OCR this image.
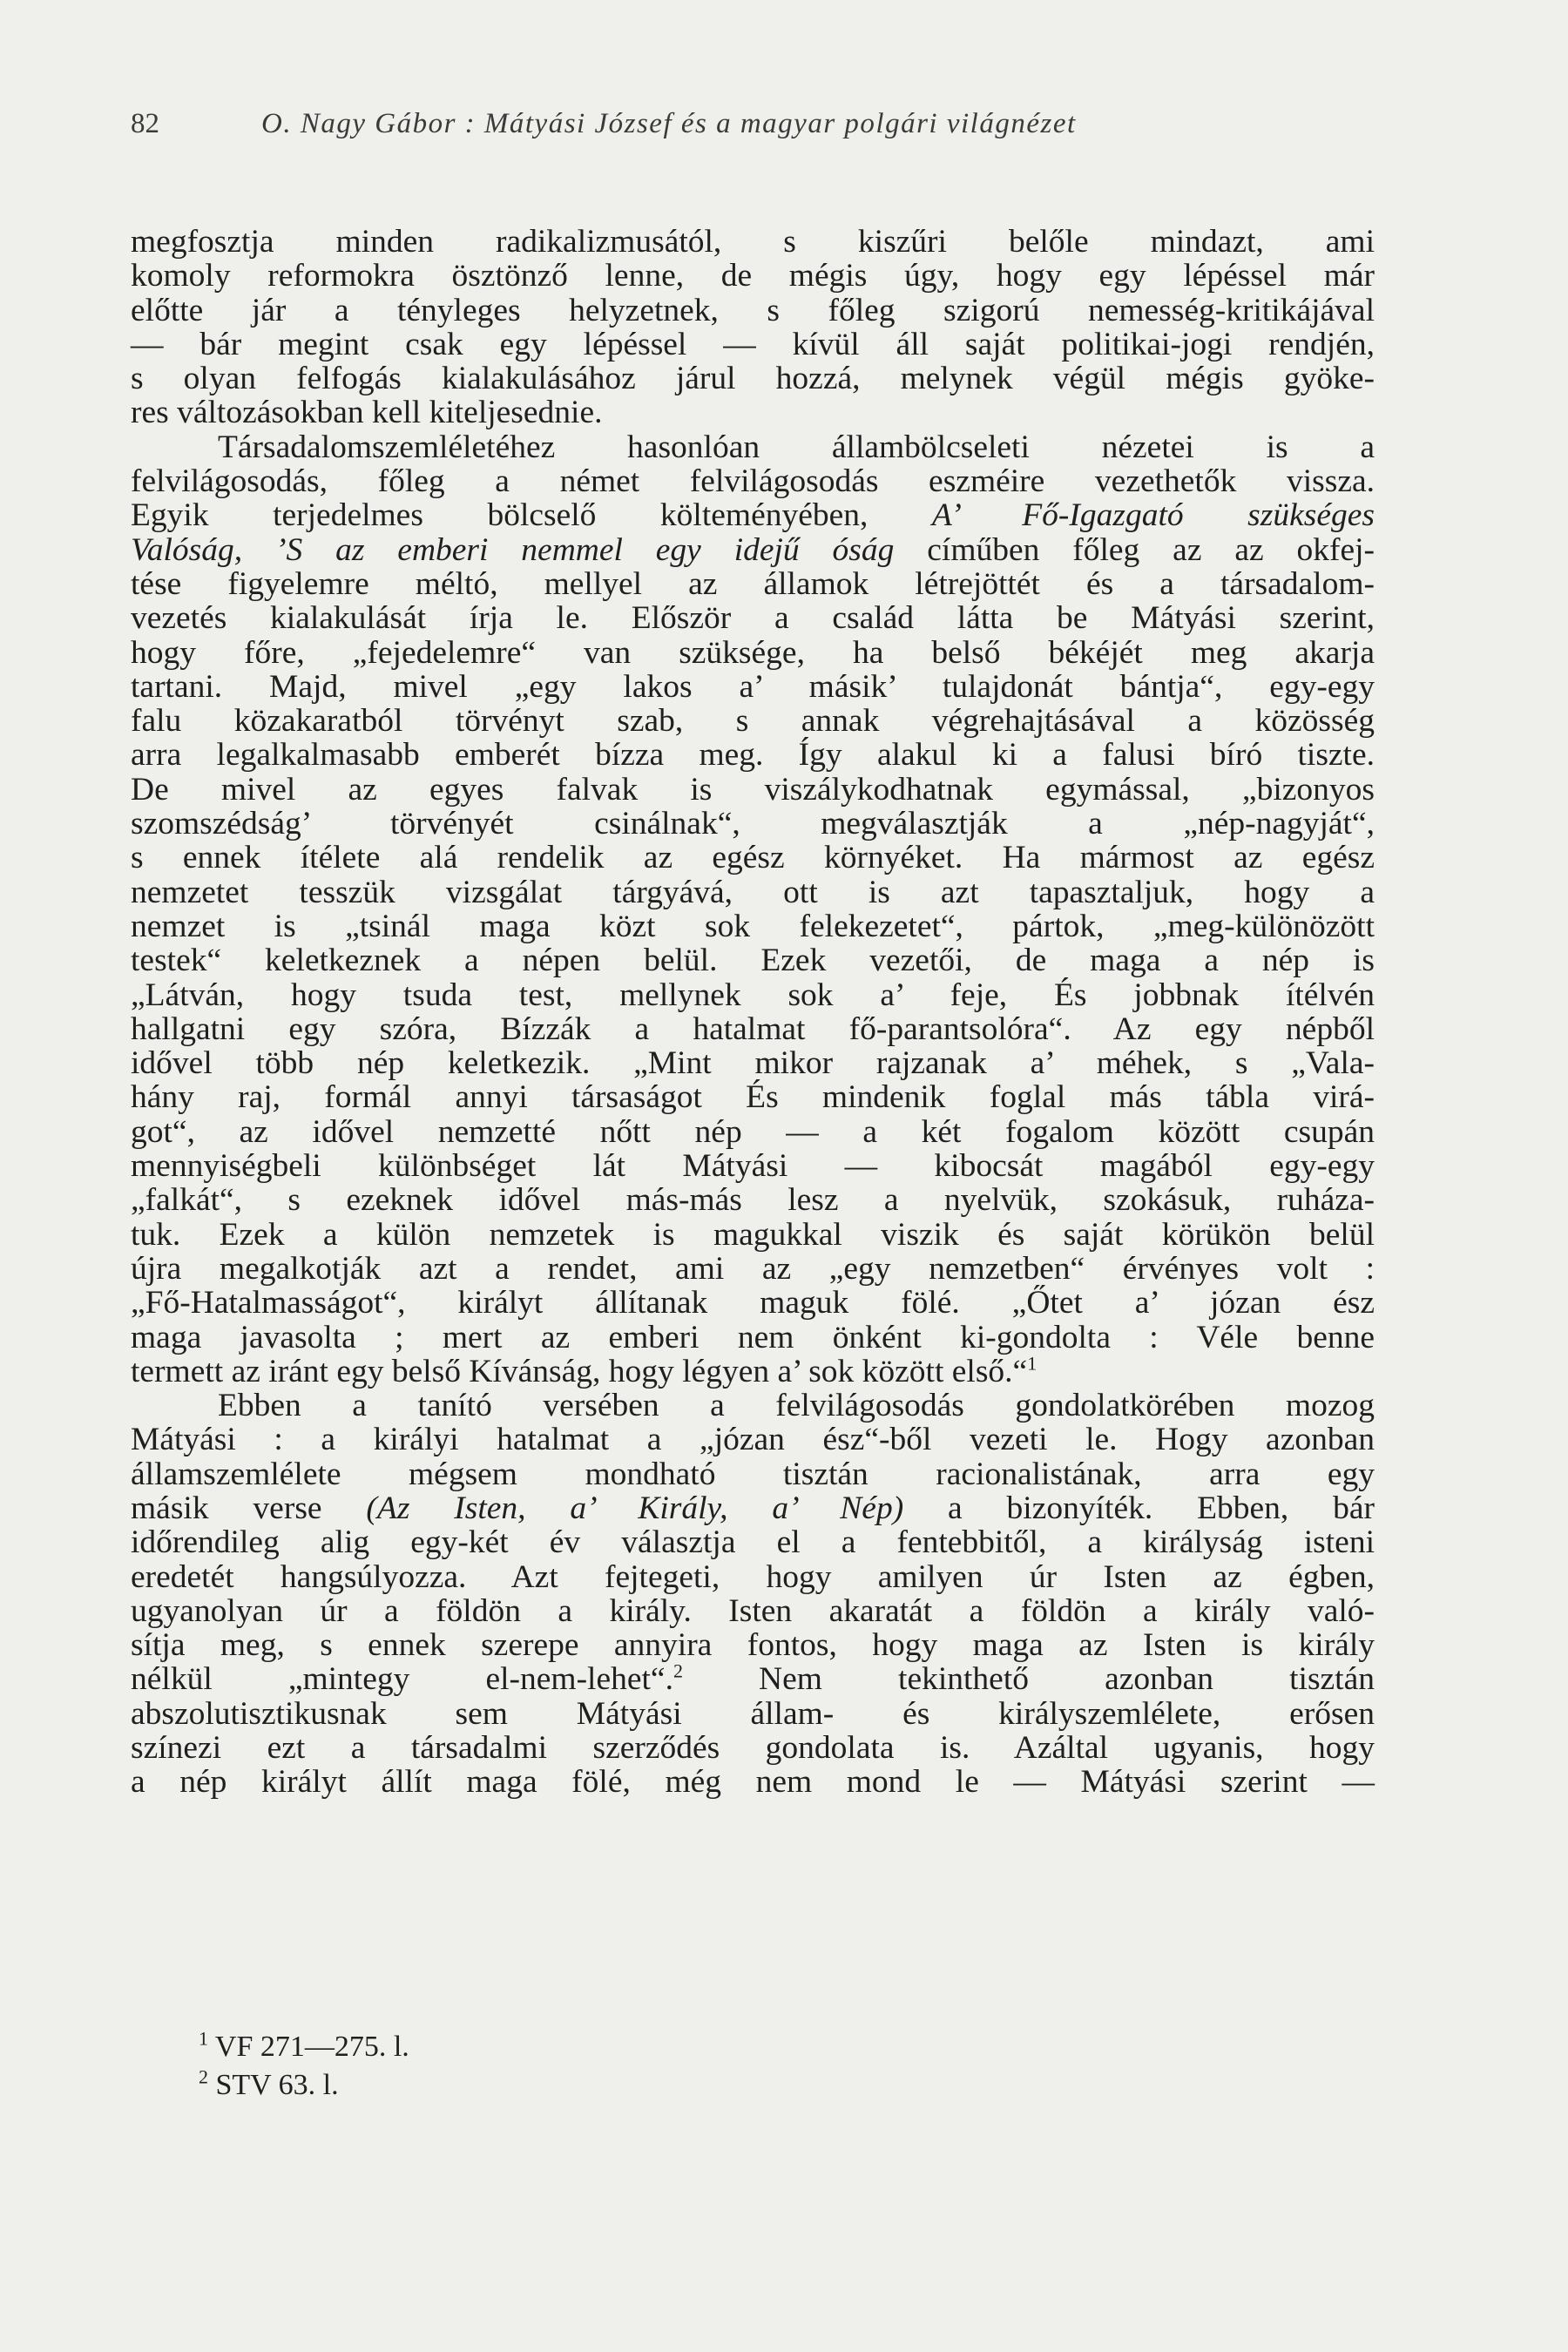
82	O. Nagy Gábor : Mátyási József és a magyar polgári világnézet
megfosztja minden radikalizmusától, s kiszűri belőle mindazt, ami
komoly reformokra ösztönző lenne, de mégis úgy, hogy egy lépéssel már
előtte jár a tényleges helyzetnek, s főleg szigorú nemesség-kritikájával
— bár megint csak egy lépéssel — kívül áll saját politikai-jogi rendjén,
s olyan felfogás kialakulásához járul hozzá, melynek végül mégis gyöke-
res változásokban kell kiteljesednie.
Társadalomszemléletéhez hasonlóan állambölcseleti nézetei is a
felvilágosodás, főleg a német felvilágosodás eszméire vezethetők vissza.
Egyik terjedelmes bölcselő költeményében, A’ Fő-Igazgató szükséges
Valóság, ’S az emberi nemmel egy idejű óság címűben főleg az az okfej-
tése figyelemre méltó, mellyel az államok létrejöttét és a társadalom-
vezetés kialakulását írja le. Először a család látta be Mátyási szerint,
hogy főre, „fejedelemre“ van szüksége, ha belső békéjét meg akarja
tartani. Majd, mivel „egy lakos a’ másik’ tulajdonát bántja“, egy-egy
falu közakaratból törvényt szab, s annak végrehajtásával a közösség
arra legalkalmasabb emberét bízza meg. Így alakul ki a falusi bíró tiszte.
De mivel az egyes falvak is viszálykodhatnak egymással, „bizonyos
szomszédság’ törvényét csinálnak“, megválasztják a „nép-nagyját“,
s ennek ítélete alá rendelik az egész környéket. Ha mármost az egész
nemzetet tesszük vizsgálat tárgyává, ott is azt tapasztaljuk, hogy a
nemzet is „tsinál maga közt sok felekezetet“, pártok, „meg-különözött
testek“ keletkeznek a népen belül. Ezek vezetői, de maga a nép is
„Látván, hogy tsuda test, mellynek sok a’ feje, És jobbnak ítélvén
hallgatni egy szóra, Bízzák a hatalmat fő-parantsolóra“. Az egy népből
idővel több nép keletkezik. „Mint mikor rajzanak a’ méhek, s „Vala-
hány raj, formál annyi társaságot És mindenik foglal más tábla virá-
got“, az idővel nemzetté nőtt nép — a két fogalom között csupán
mennyiségbeli különbséget lát Mátyási — kibocsát magából egy-egy
„falkát“, s ezeknek idővel más-más lesz a nyelvük, szokásuk, ruháza-
tuk. Ezek a külön nemzetek is magukkal viszik és saját körükön belül
újra megalkotják azt a rendet, ami az „egy nemzetben“ érvényes volt :
„Fő-Hatalmasságot“, királyt állítanak maguk fölé. „Őtet a’ józan ész
maga javasolta ; mert az emberi nem önként ki-gondolta : Véle benne
termett az iránt egy belső Kívánság, hogy légyen a’ sok között első.“$^1$
Ebben a tanító versében a felvilágosodás gondolatkörében mozog
Mátyási : a királyi hatalmat a „józan ész“-ből vezeti le. Hogy azonban
államszemlélete mégsem mondható tisztán racionalistának, arra egy
másik verse (Az Isten, a’ Király, a’ Nép) a bizonyíték. Ebben, bár
időrendileg alig egy-két év választja el a fentebbitől, a királyság isteni
eredetét hangsúlyozza. Azt fejtegeti, hogy amilyen úr Isten az égben,
ugyanolyan úr a földön a király. Isten akaratát a földön a király való-
sítja meg, s ennek szerepe annyira fontos, hogy maga az Isten is király
nélkül „mintegy el-nem-lehet“.$^2$ Nem tekinthető azonban tisztán
abszolutisztikusnak sem Mátyási állam- és királyszemlélete, erősen
színezi ezt a társadalmi szerződés gondolata is. Azáltal ugyanis, hogy
a nép királyt állít maga fölé, még nem mond le — Mátyási szerint —
$^1$ VF 271—275. l.
$^2$ STV 63. l.
